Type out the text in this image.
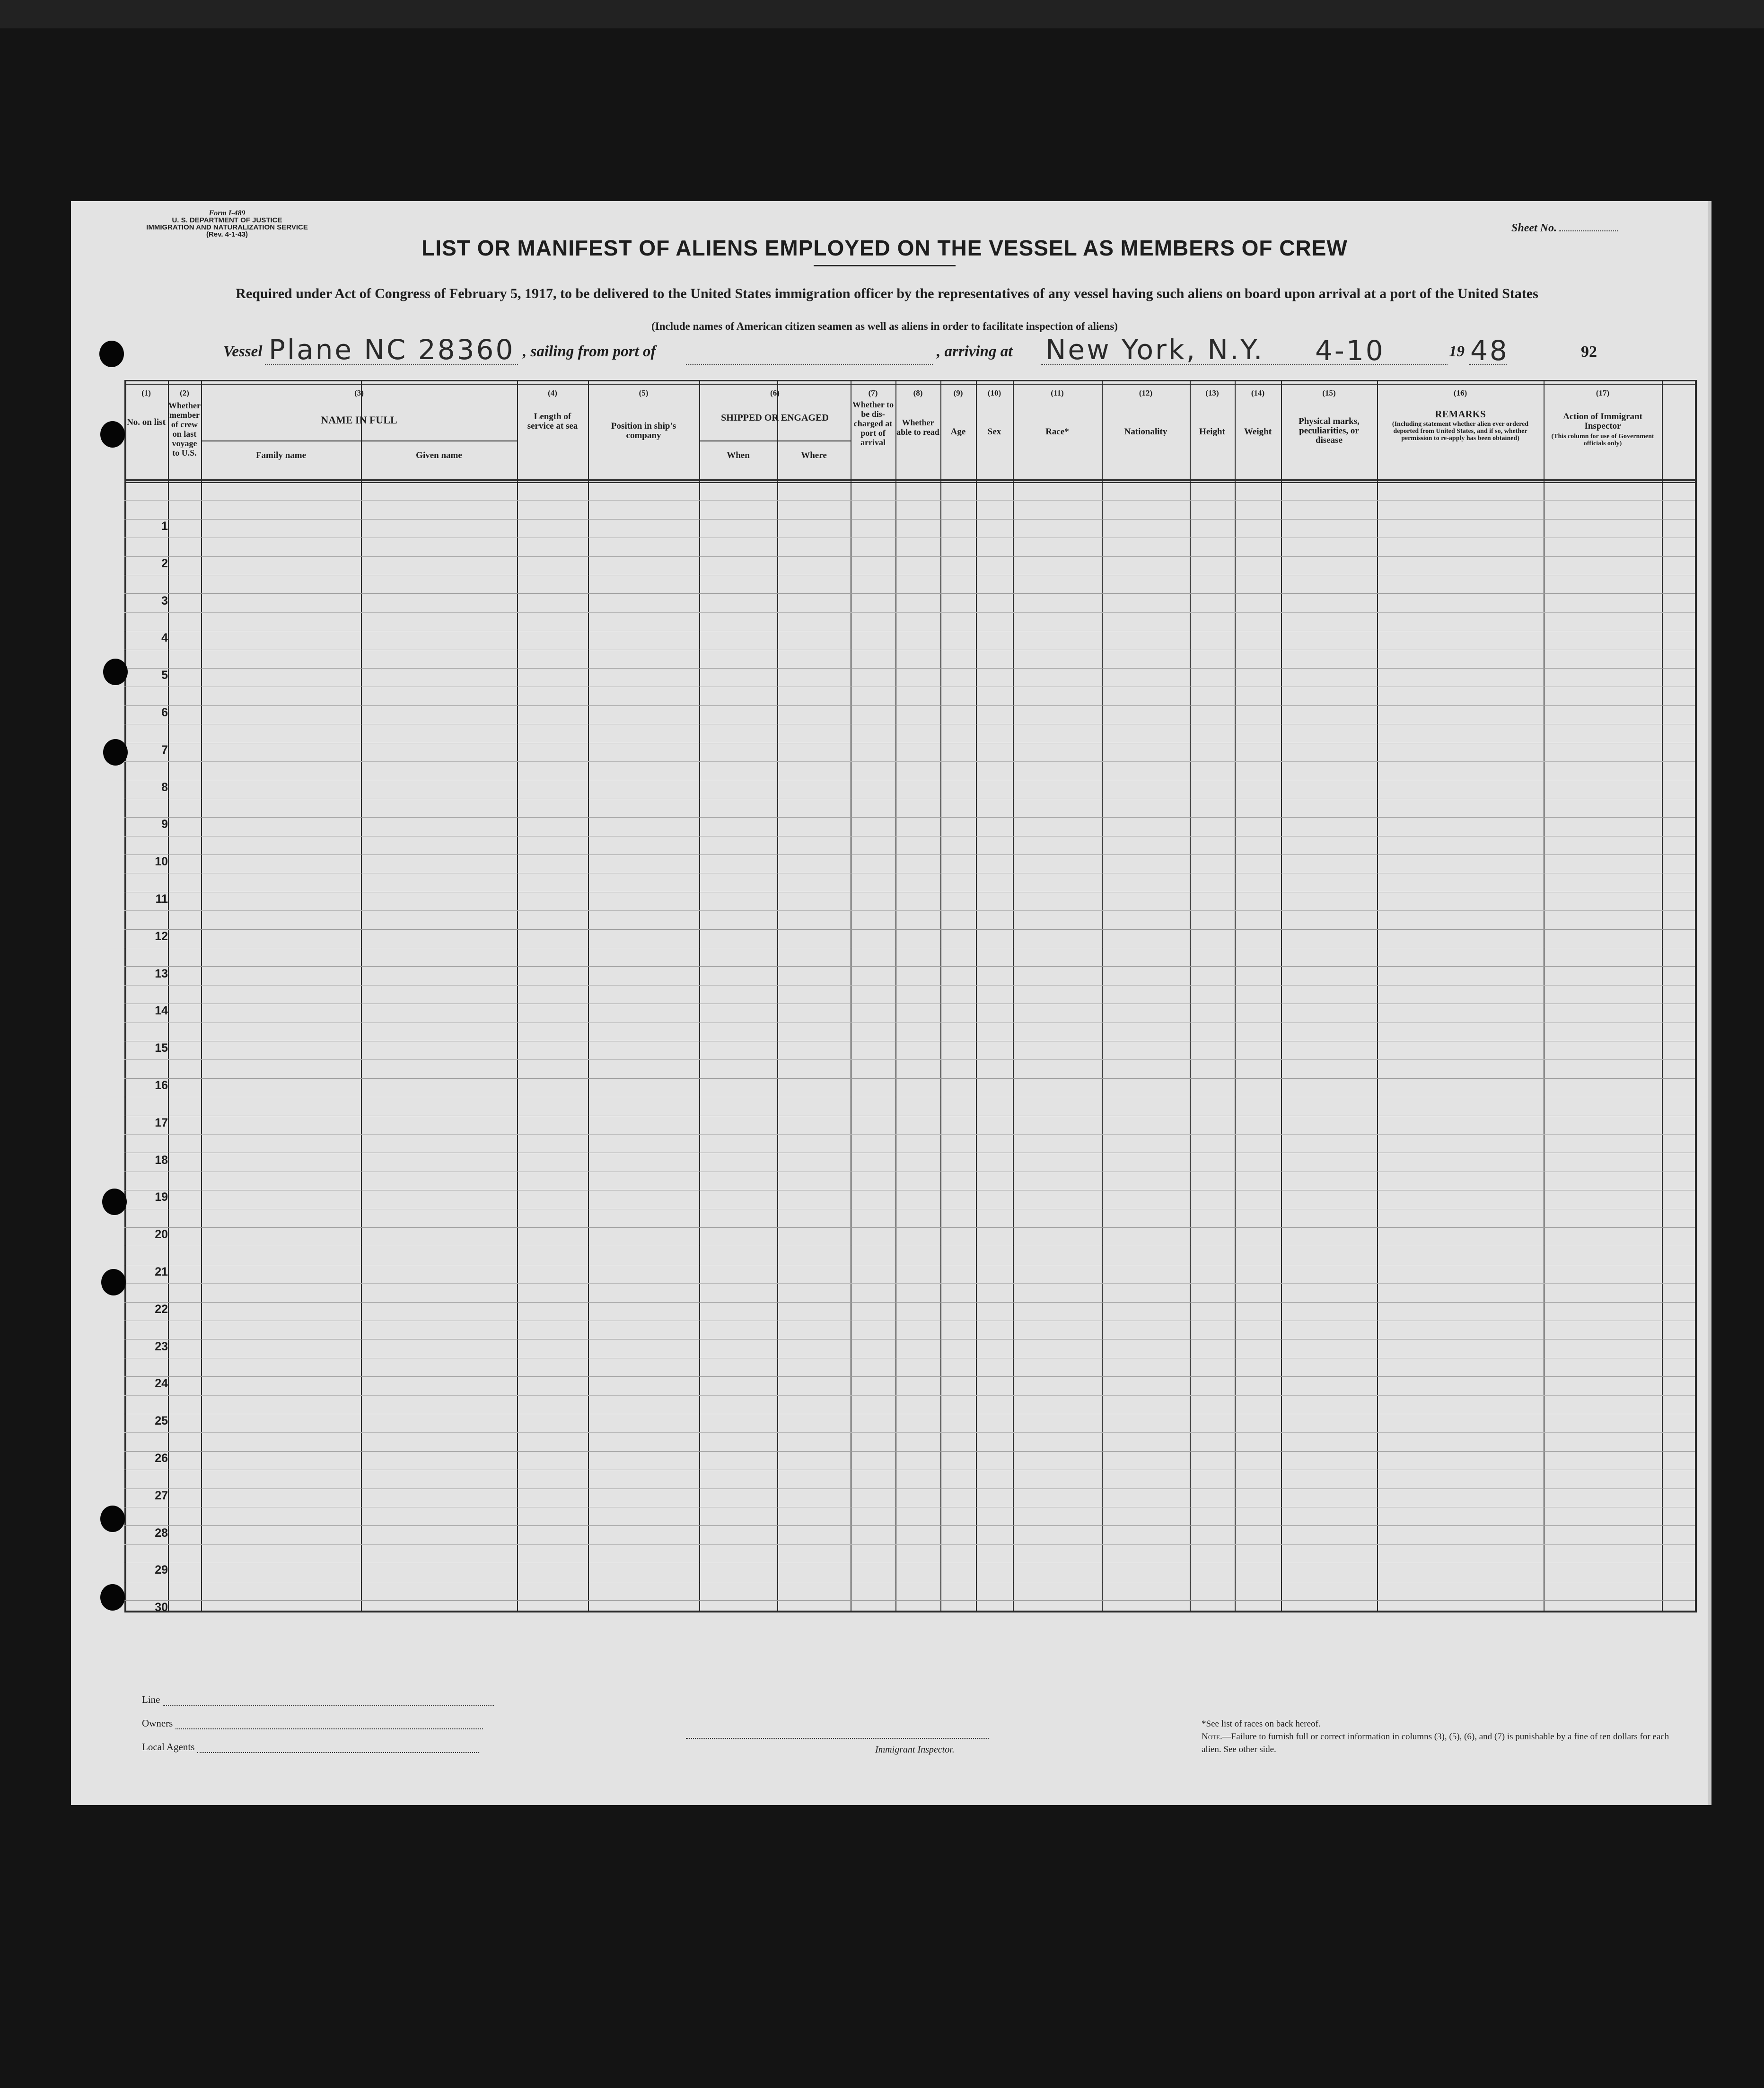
Form I-489
U. S. DEPARTMENT OF JUSTICE
IMMIGRATION AND NATURALIZATION SERVICE
(Rev. 4-1-43)
Sheet No.
LIST OR MANIFEST OF ALIENS EMPLOYED ON THE VESSEL AS MEMBERS OF CREW
Required under Act of Congress of February 5, 1917, to be delivered to the United States immigration officer by the representatives of any vessel having such aliens on board upon arrival at a port of the United States
(Include names of American citizen seamen as well as aliens in order to facilitate inspection of aliens)
Vessel Plane NC 28360 , sailing from port of	, arriving at New York, N.Y. 4-10	19 48	92
(1)
No. on list
(2)
Whether member of crew on last voyage to U.S.
(3)
NAME IN FULL
Family name	Given name
(4)
Length of service at sea
(5)
Position in ship's company
(6)
SHIPPED OR ENGAGED
When	Where
(7)
Whether to be dis-charged at port of arrival
(8)
Whether able to read
(9)
Age
(10)
Sex
(11)
Race*
(12)
Nationality
(13)
Height
(14)
Weight
(15)
Physical marks, peculiarities, or disease
(16)
REMARKS
(Including statement whether alien ever ordered deported from United States, and if so, whether permission to re-apply has been obtained)
(17)
Action of Immigrant Inspector
(This column for use of Government officials only)
1
2
3
4
5
6
7
8
9
10
11
12
13
14
15
16
17
18
19
20
21
22
23
24
25
26
27
28
29
30
Line
Owners
Local Agents	Immigrant Inspector.
*See list of races on back hereof.
Note.—Failure to furnish full or correct information in columns (3), (5), (6), and (7) is punishable by a fine of ten dollars for each alien. See other side.
